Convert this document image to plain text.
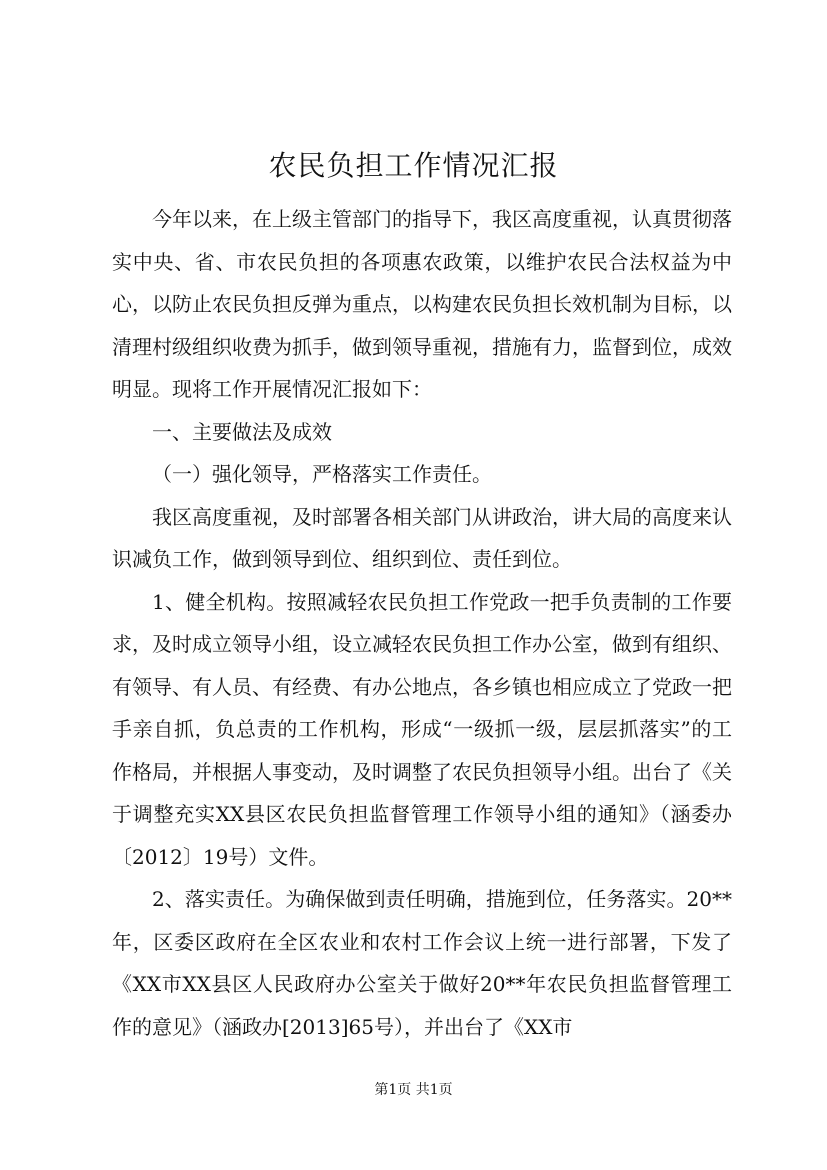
农民负担工作情况汇报

今年以来，在上级主管部门的指导下，我区高度重视，认真贯彻落实中央、省、市农民负担的各项惠农政策，以维护农民合法权益为中心，以防止农民负担反弹为重点，以构建农民负担长效机制为目标，以清理村级组织收费为抓手，做到领导重视，措施有力，监督到位，成效明显。现将工作开展情况汇报如下：

一、主要做法及成效

（一）强化领导，严格落实工作责任。

我区高度重视，及时部署各相关部门从讲政治，讲大局的高度来认识减负工作，做到领导到位、组织到位、责任到位。

1、健全机构。按照减轻农民负担工作党政一把手负责制的工作要求，及时成立领导小组，设立减轻农民负担工作办公室，做到有组织、有领导、有人员、有经费、有办公地点，各乡镇也相应成立了党政一把手亲自抓，负总责的工作机构，形成“一级抓一级，层层抓落实”的工作格局，并根据人事变动，及时调整了农民负担领导小组。出台了《关于调整充实XX县区农民负担监督管理工作领导小组的通知》（涵委办〔2012〕19号）文件。

2、落实责任。为确保做到责任明确，措施到位，任务落实。20**年，区委区政府在全区农业和农村工作会议上统一进行部署，下发了《XX市XX县区人民政府办公室关于做好20**年农民负担监督管理工作的意见》（涵政办[2013]65号），并出台了《XX市

第1页 共1页
